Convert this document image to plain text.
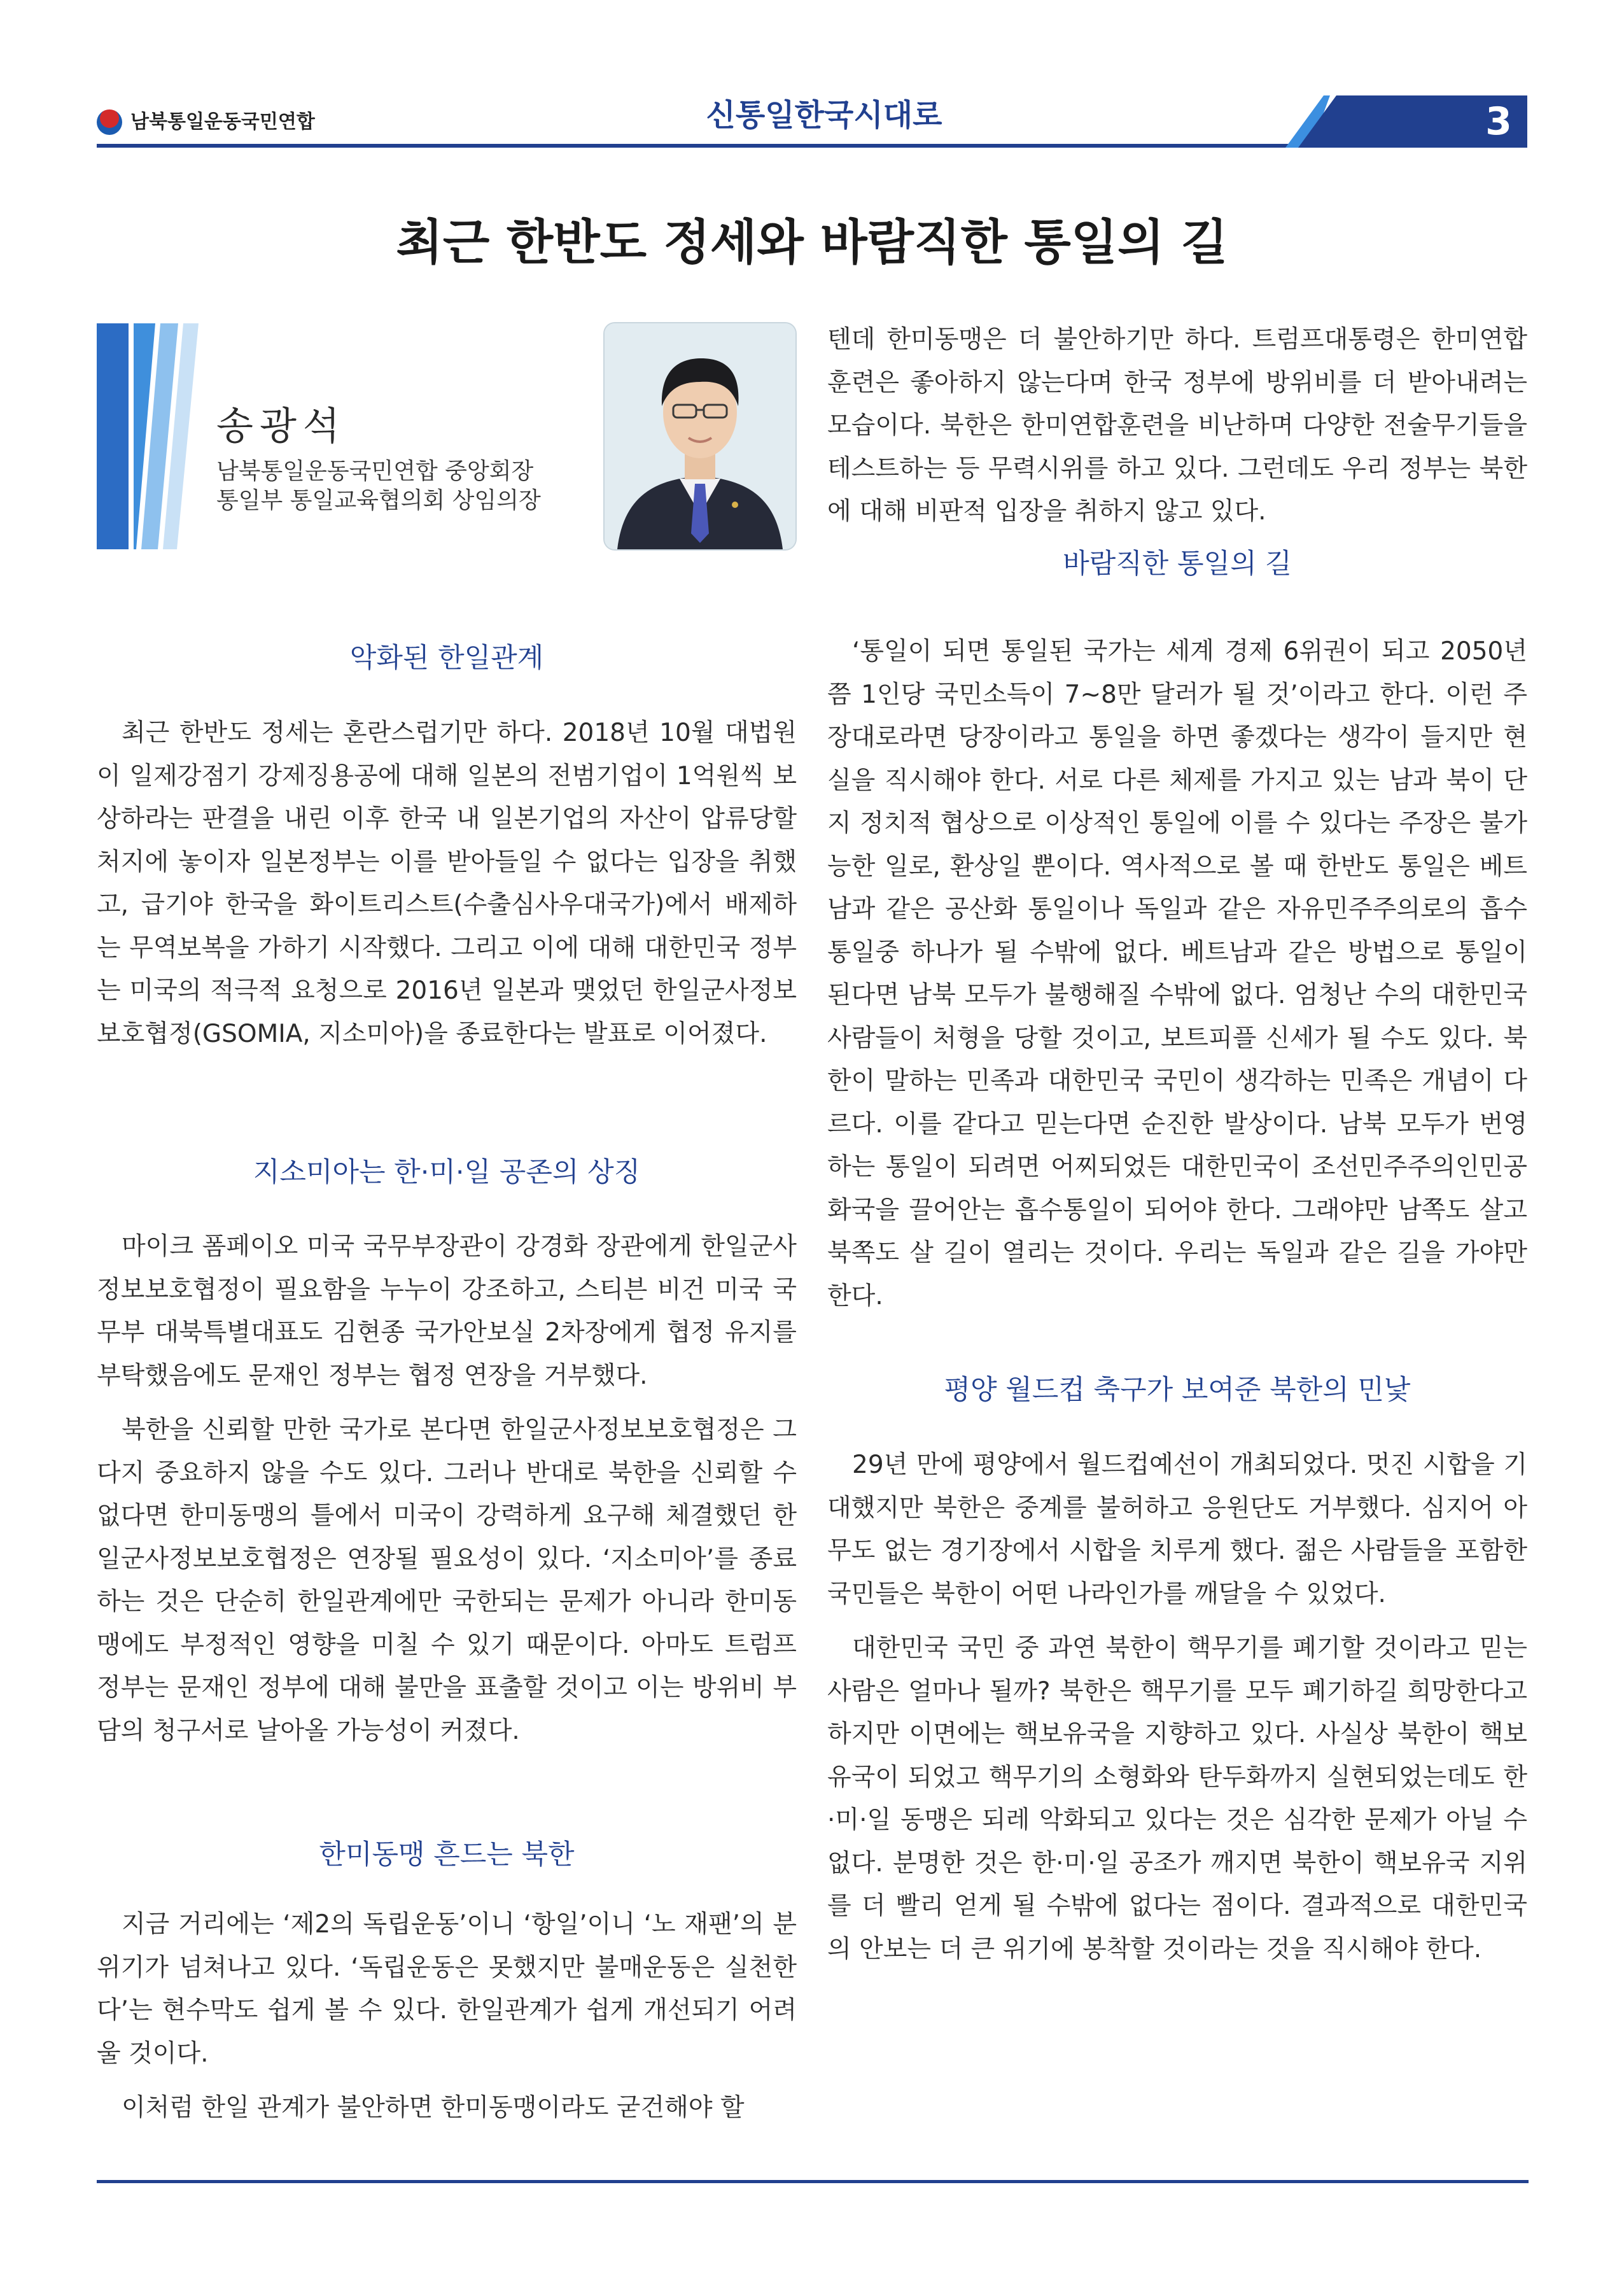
남북통일운동국민연합	신통일한국시대로	3
최근 한반도 정세와 바람직한 통일의 길
송광석
남북통일운동국민연합 중앙회장
통일부 통일교육협의회 상임의장
악화된 한일관계

최근 한반도 정세는 혼란스럽기만 하다. 2018년 10월 대법원이 일제강점기 강제징용공에 대해 일본의 전범기업이 1억원씩 보상하라는 판결을 내린 이후 한국 내 일본기업의 자산이 압류당할 처지에 놓이자 일본정부는 이를 받아들일 수 없다는 입장을 취했고, 급기야 한국을 화이트리스트(수출심사우대국가)에서 배제하는 무역보복을 가하기 시작했다. 그리고 이에 대해 대한민국 정부는 미국의 적극적 요청으로 2016년 일본과 맺었던 한일군사정보보호협정(GSOMIA, 지소미아)을 종료한다는 발표로 이어졌다.

지소미아는 한·미·일 공존의 상징

마이크 폼페이오 미국 국무부장관이 강경화 장관에게 한일군사정보보호협정이 필요함을 누누이 강조하고, 스티븐 비건 미국 국무부 대북특별대표도 김현종 국가안보실 2차장에게 협정 유지를 부탁했음에도 문재인 정부는 협정 연장을 거부했다.

북한을 신뢰할 만한 국가로 본다면 한일군사정보보호협정은 그다지 중요하지 않을 수도 있다. 그러나 반대로 북한을 신뢰할 수 없다면 한미동맹의 틀에서 미국이 강력하게 요구해 체결했던 한일군사정보보호협정은 연장될 필요성이 있다. ‘지소미아’를 종료하는 것은 단순히 한일관계에만 국한되는 문제가 아니라 한미동맹에도 부정적인 영향을 미칠 수 있기 때문이다. 아마도 트럼프 정부는 문재인 정부에 대해 불만을 표출할 것이고 이는 방위비 부담의 청구서로 날아올 가능성이 커졌다.

한미동맹 흔드는 북한

지금 거리에는 ‘제2의 독립운동’이니 ‘항일’이니 ‘노 재팬’의 분위기가 넘쳐나고 있다. ‘독립운동은 못했지만 불매운동은 실천한다’는 현수막도 쉽게 볼 수 있다. 한일관계가 쉽게 개선되기 어려울 것이다.

이처럼 한일 관계가 불안하면 한미동맹이라도 굳건해야 할

텐데 한미동맹은 더 불안하기만 하다. 트럼프대통령은 한미연합훈련은 좋아하지 않는다며 한국 정부에 방위비를 더 받아내려는 모습이다. 북한은 한미연합훈련을 비난하며 다양한 전술무기들을 테스트하는 등 무력시위를 하고 있다. 그런데도 우리 정부는 북한에 대해 비판적 입장을 취하지 않고 있다.

바람직한 통일의 길

‘통일이 되면 통일된 국가는 세계 경제 6위권이 되고 2050년쯤 1인당 국민소득이 7~8만 달러가 될 것’이라고 한다. 이런 주장대로라면 당장이라고 통일을 하면 좋겠다는 생각이 들지만 현실을 직시해야 한다. 서로 다른 체제를 가지고 있는 남과 북이 단지 정치적 협상으로 이상적인 통일에 이를 수 있다는 주장은 불가능한 일로, 환상일 뿐이다. 역사적으로 볼 때 한반도 통일은 베트남과 같은 공산화 통일이나 독일과 같은 자유민주주의로의 흡수통일중 하나가 될 수밖에 없다. 베트남과 같은 방법으로 통일이 된다면 남북 모두가 불행해질 수밖에 없다. 엄청난 수의 대한민국 사람들이 처형을 당할 것이고, 보트피플 신세가 될 수도 있다. 북한이 말하는 민족과 대한민국 국민이 생각하는 민족은 개념이 다르다. 이를 같다고 믿는다면 순진한 발상이다. 남북 모두가 번영하는 통일이 되려면 어찌되었든 대한민국이 조선민주주의인민공화국을 끌어안는 흡수통일이 되어야 한다. 그래야만 남쪽도 살고 북쪽도 살 길이 열리는 것이다. 우리는 독일과 같은 길을 가야만 한다.

평양 월드컵 축구가 보여준 북한의 민낯

29년 만에 평양에서 월드컵예선이 개최되었다. 멋진 시합을 기대했지만 북한은 중계를 불허하고 응원단도 거부했다. 심지어 아무도 없는 경기장에서 시합을 치루게 했다. 젊은 사람들을 포함한 국민들은 북한이 어떤 나라인가를 깨달을 수 있었다.

대한민국 국민 중 과연 북한이 핵무기를 폐기할 것이라고 믿는 사람은 얼마나 될까? 북한은 핵무기를 모두 폐기하길 희망한다고 하지만 이면에는 핵보유국을 지향하고 있다. 사실상 북한이 핵보유국이 되었고 핵무기의 소형화와 탄두화까지 실현되었는데도 한·미·일 동맹은 되레 악화되고 있다는 것은 심각한 문제가 아닐 수 없다. 분명한 것은 한·미·일 공조가 깨지면 북한이 핵보유국 지위를 더 빨리 얻게 될 수밖에 없다는 점이다. 결과적으로 대한민국의 안보는 더 큰 위기에 봉착할 것이라는 것을 직시해야 한다.
